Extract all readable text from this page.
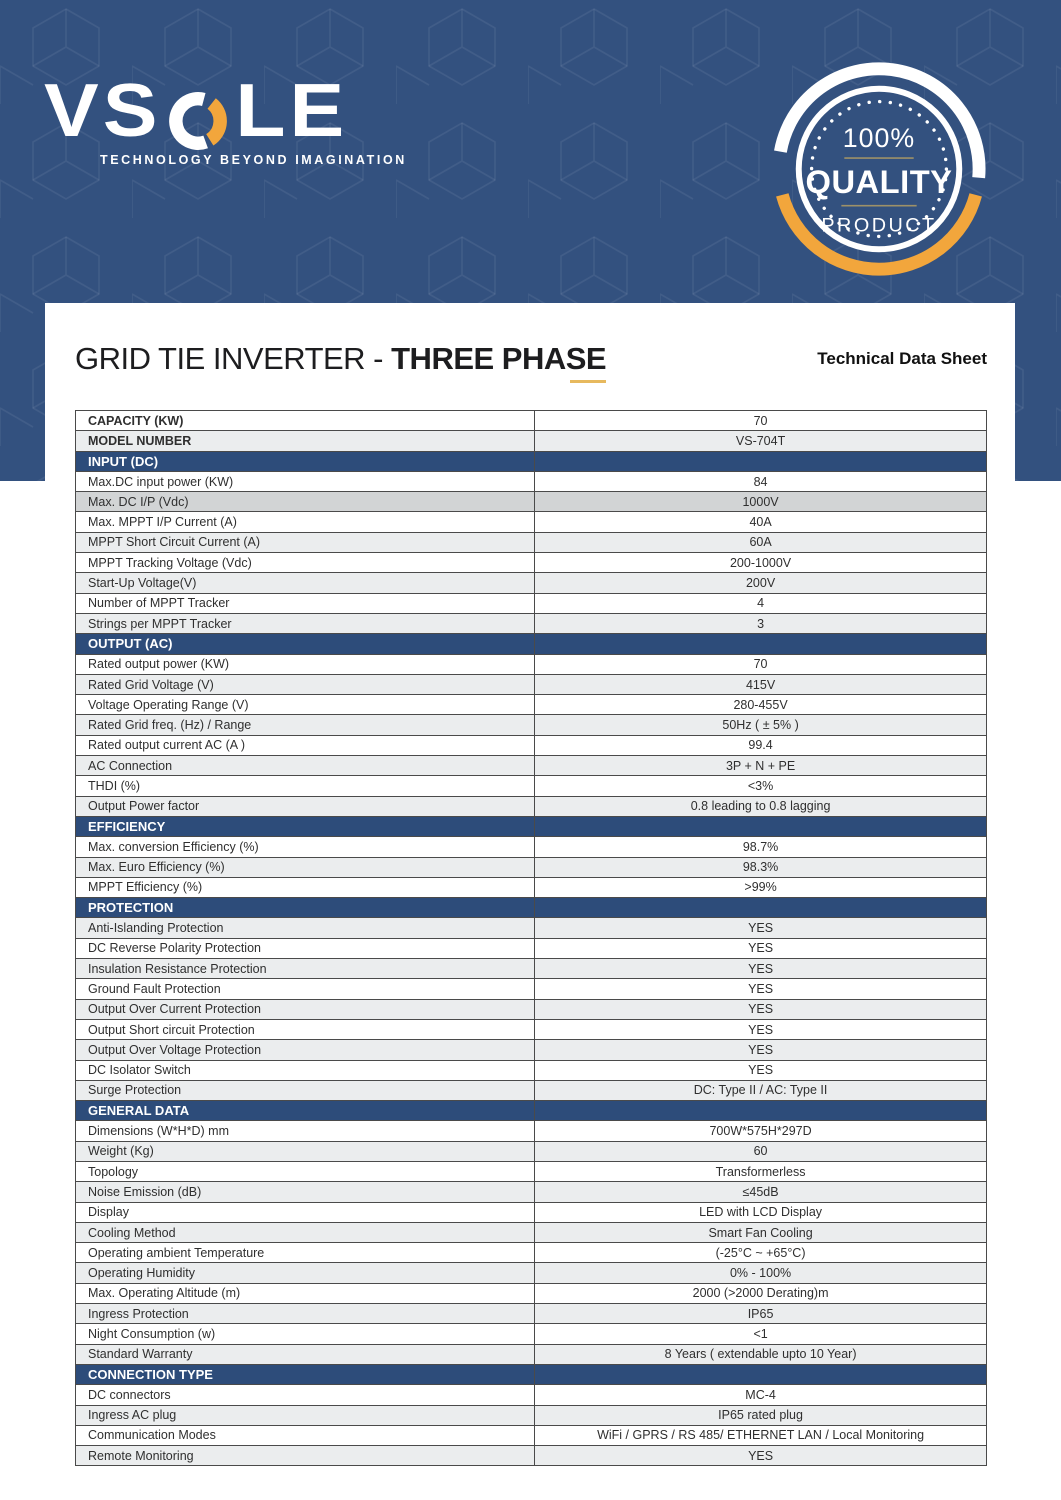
VS LE
TECHNOLOGY BEYOND IMAGINATION
100%
QUALITY
PRODUCT
GRID TIE INVERTER - THREE PHASE	Technical Data Sheet
CAPACITY (KW)	70
MODEL NUMBER	VS-704T
INPUT (DC)	
Max.DC input power (KW)	84
Max. DC I/P (Vdc)	1000V
Max. MPPT I/P Current (A)	40A
MPPT Short Circuit Current (A)	60A
MPPT Tracking Voltage (Vdc)	200-1000V
Start-Up Voltage(V)	200V
Number of MPPT Tracker	4
Strings per MPPT Tracker	3
OUTPUT (AC)	
Rated output power (KW)	70
Rated Grid Voltage (V)	415V
Voltage Operating Range (V)	280-455V
Rated Grid freq. (Hz) / Range	50Hz ( ± 5% )
Rated output current AC (A )	99.4
AC Connection	3P + N + PE
THDI (%)	<3%
Output Power factor	0.8 leading to 0.8 lagging
EFFICIENCY	
Max. conversion Efficiency (%)	98.7%
Max. Euro Efficiency (%)	98.3%
MPPT Efficiency (%)	>99%
PROTECTION	
Anti-Islanding Protection	YES
DC Reverse Polarity Protection	YES
Insulation Resistance Protection	YES
Ground Fault Protection	YES
Output Over Current Protection	YES
Output Short circuit Protection	YES
Output Over Voltage Protection	YES
DC Isolator Switch	YES
Surge Protection	DC: Type II / AC: Type II
GENERAL DATA	
Dimensions (W*H*D) mm	700W*575H*297D
Weight (Kg)	60
Topology	Transformerless
Noise Emission (dB)	≤45dB
Display	LED with LCD Display
Cooling Method	Smart Fan Cooling
Operating ambient Temperature	(-25°C ~ +65°C)
Operating Humidity	0% - 100%
Max. Operating Altitude (m)	2000 (>2000 Derating)m
Ingress Protection	IP65
Night Consumption (w)	<1
Standard Warranty	8 Years ( extendable upto 10 Year)
CONNECTION TYPE	
DC connectors	MC-4
Ingress AC plug	IP65 rated plug
Communication Modes	WiFi / GPRS / RS 485/ ETHERNET LAN / Local Monitoring
Remote Monitoring	YES
